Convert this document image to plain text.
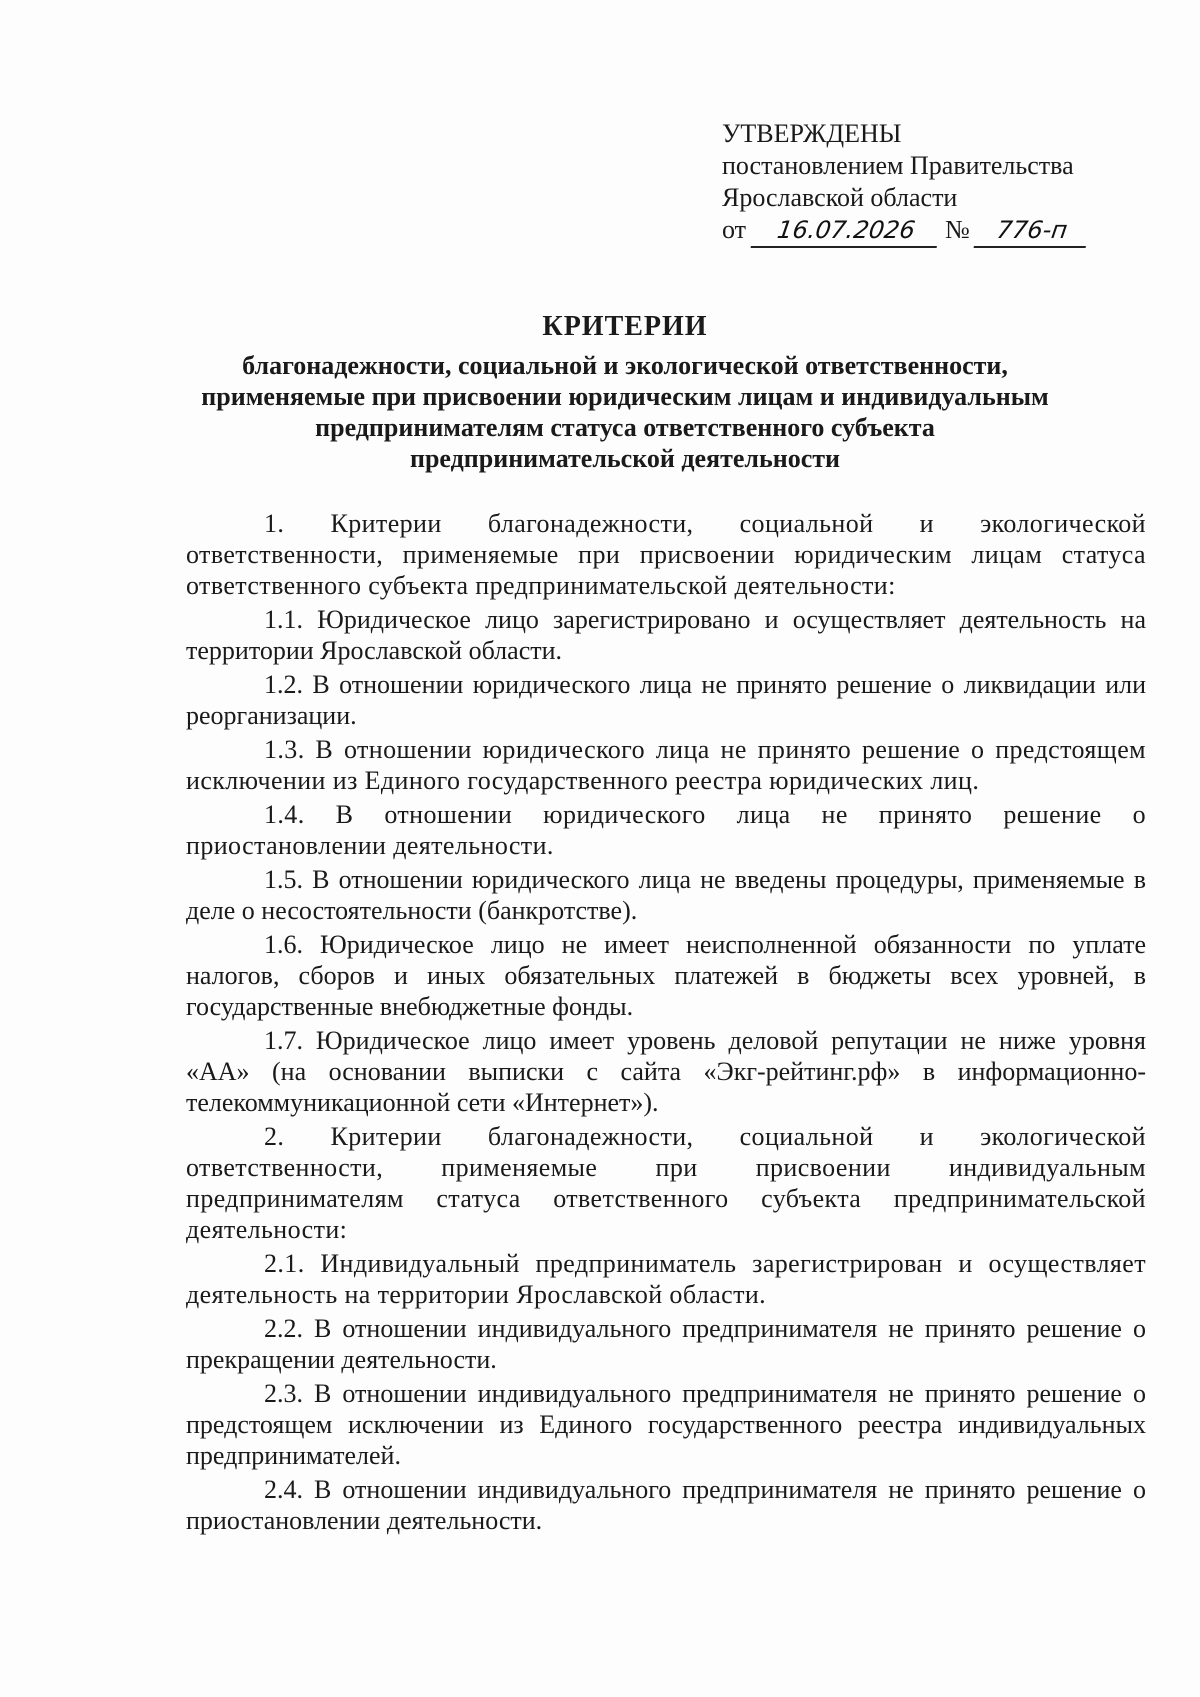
УТВЕРЖДЕНЫ
постановлением Правительства
Ярославской области
от 16.07.2026 № 776-п
КРИТЕРИИ
благонадежности, социальной и экологической ответственности, применяемые при присвоении юридическим лицам и индивидуальным предпринимателям статуса ответственного субъекта предпринимательской деятельности

1. Критерии благонадежности, социальной и экологической ответственности, применяемые при присвоении юридическим лицам статуса ответственного субъекта предпринимательской деятельности:

1.1. Юридическое лицо зарегистрировано и осуществляет деятельность на территории Ярославской области.

1.2. В отношении юридического лица не принято решение о ликвидации или реорганизации.

1.3. В отношении юридического лица не принято решение о предстоящем исключении из Единого государственного реестра юридических лиц.

1.4. В отношении юридического лица не принято решение о приостановлении деятельности.

1.5. В отношении юридического лица не введены процедуры, применяемые в деле о несостоятельности (банкротстве).

1.6. Юридическое лицо не имеет неисполненной обязанности по уплате налогов, сборов и иных обязательных платежей в бюджеты всех уровней, в государственные внебюджетные фонды.

1.7. Юридическое лицо имеет уровень деловой репутации не ниже уровня «АА» (на основании выписки с сайта «Экг-рейтинг.рф» в информационно-телекоммуникационной сети «Интернет»).

2. Критерии благонадежности, социальной и экологической ответственности, применяемые при присвоении индивидуальным предпринимателям статуса ответственного субъекта предпринимательской деятельности:

2.1. Индивидуальный предприниматель зарегистрирован и осуществляет деятельность на территории Ярославской области.

2.2. В отношении индивидуального предпринимателя не принято решение о прекращении деятельности.

2.3. В отношении индивидуального предпринимателя не принято решение о предстоящем исключении из Единого государственного реестра индивидуальных предпринимателей.

2.4. В отношении индивидуального предпринимателя не принято решение о приостановлении деятельности.
